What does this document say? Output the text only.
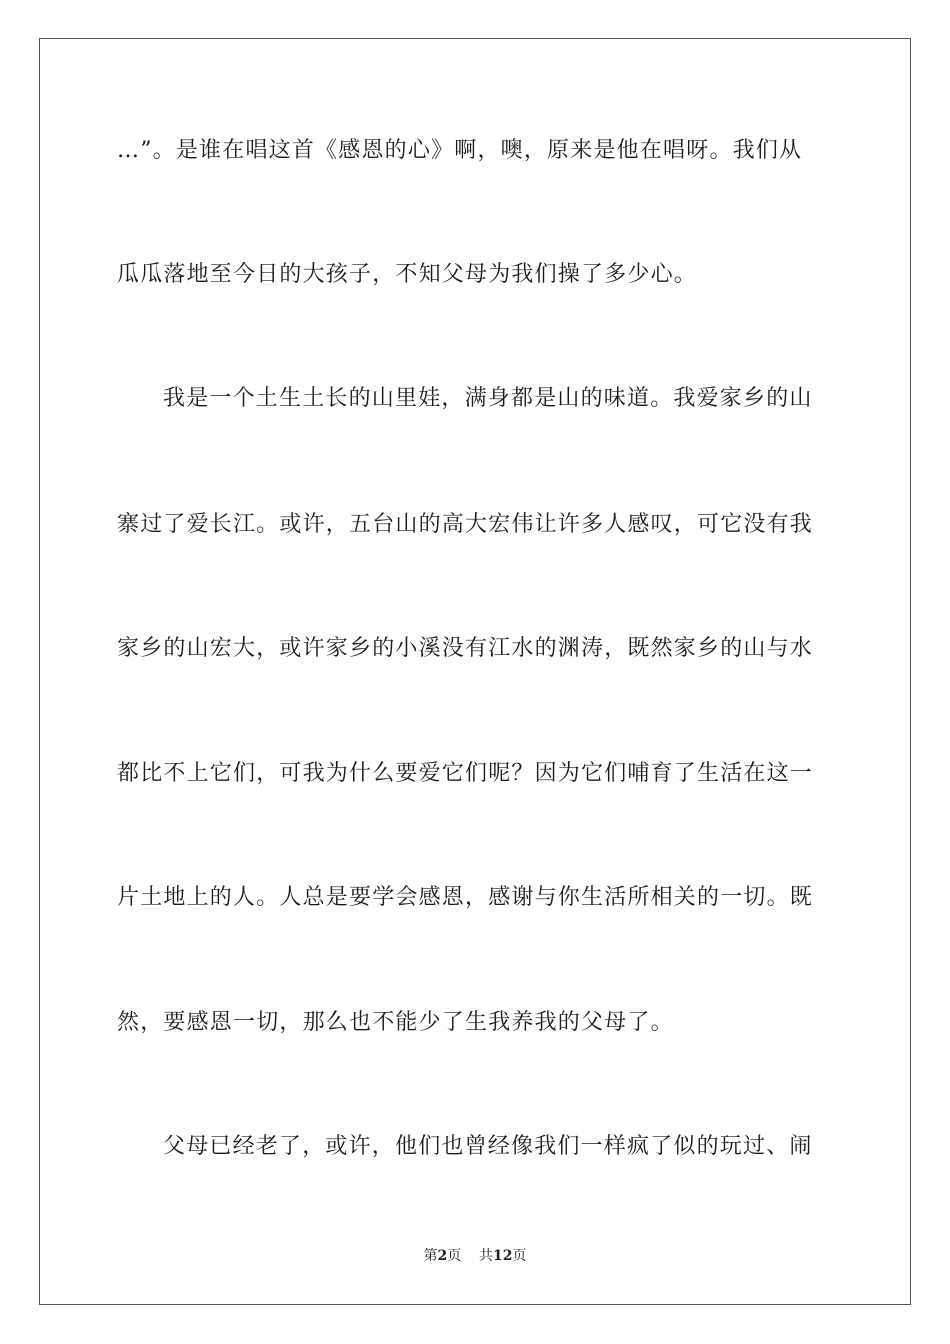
…”。是谁在唱这首《感恩的心》啊，噢，原来是他在唱呀。我们从
瓜瓜落地至今日的大孩子，不知父母为我们操了多少心。
我是一个土生土长的山里娃，满身都是山的味道。我爱家乡的山
寨过了爱长江。或许，五台山的高大宏伟让许多人感叹，可它没有我
家乡的山宏大，或许家乡的小溪没有江水的渊涛，既然家乡的山与水
都比不上它们，可我为什么要爱它们呢？因为它们哺育了生活在这一
片土地上的人。人总是要学会感恩，感谢与你生活所相关的一切。既
然，要感恩一切，那么也不能少了生我养我的父母了。
父母已经老了，或许，他们也曾经像我们一样疯了似的玩过、闹
第2页 共12页
